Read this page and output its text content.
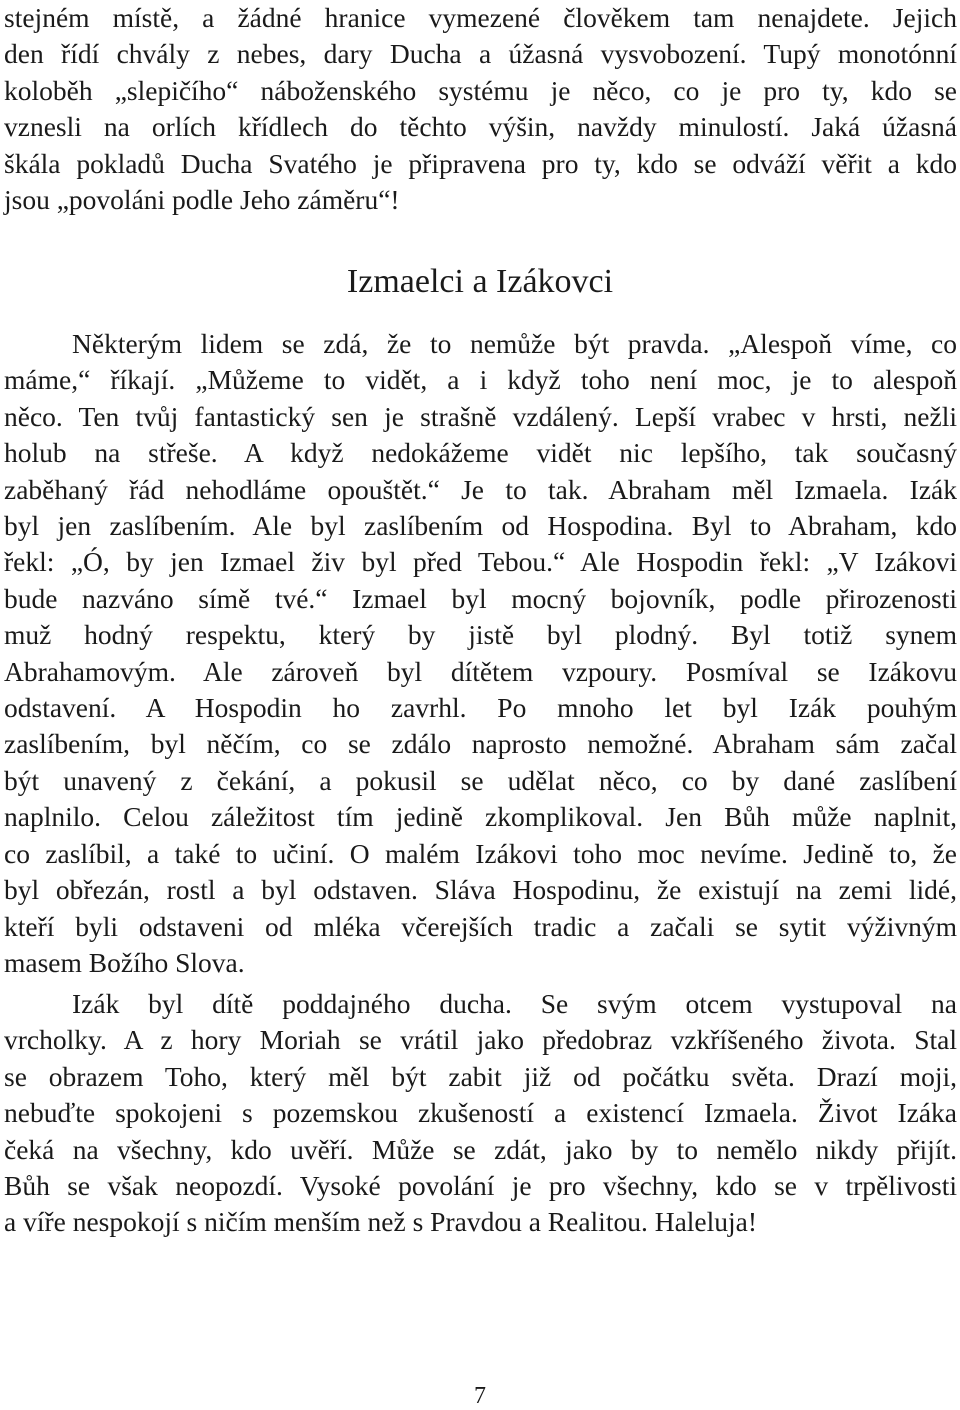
stejném místě, a žádné hranice vymezené člověkem tam nenajdete. Jejich
den řídí chvály z nebes, dary Ducha a úžasná vysvobození. Tupý monotónní
koloběh „slepičího“ náboženského systému je něco, co je pro ty, kdo se
vznesli na orlích křídlech do těchto výšin, navždy minulostí. Jaká úžasná
škála pokladů Ducha Svatého je připravena pro ty, kdo se odváží věřit a kdo
jsou „povoláni podle Jeho záměru“!
Izmaelci a Izákovci
Některým lidem se zdá, že to nemůže být pravda. „Alespoň víme, co
máme,“ říkají. „Můžeme to vidět, a i když toho není moc, je to alespoň
něco. Ten tvůj fantastický sen je strašně vzdálený. Lepší vrabec v hrsti, nežli
holub na střeše. A když nedokážeme vidět nic lepšího, tak současný
zaběhaný řád nehodláme opouštět.“ Je to tak. Abraham měl Izmaela. Izák
byl jen zaslíbením. Ale byl zaslíbením od Hospodina. Byl to Abraham, kdo
řekl: „Ó, by jen Izmael živ byl před Tebou.“ Ale Hospodin řekl: „V Izákovi
bude nazváno símě tvé.“ Izmael byl mocný bojovník, podle přirozenosti
muž hodný respektu, který by jistě byl plodný. Byl totiž synem
Abrahamovým. Ale zároveň byl dítětem vzpoury. Posmíval se Izákovu
odstavení. A Hospodin ho zavrhl. Po mnoho let byl Izák pouhým
zaslíbením, byl něčím, co se zdálo naprosto nemožné. Abraham sám začal
být unavený z čekání, a pokusil se udělat něco, co by dané zaslíbení
naplnilo. Celou záležitost tím jedině zkomplikoval. Jen Bůh může naplnit,
co zaslíbil, a také to učiní. O malém Izákovi toho moc nevíme. Jedině to, že
byl obřezán, rostl a byl odstaven. Sláva Hospodinu, že existují na zemi lidé,
kteří byli odstaveni od mléka včerejších tradic a začali se sytit výživným
masem Božího Slova.
Izák byl dítě poddajného ducha. Se svým otcem vystupoval na
vrcholky. A z hory Moriah se vrátil jako předobraz vzkříšeného života. Stal
se obrazem Toho, který měl být zabit již od počátku světa. Drazí moji,
nebuďte spokojeni s pozemskou zkušeností a existencí Izmaela. Život Izáka
čeká na všechny, kdo uvěří. Může se zdát, jako by to nemělo nikdy přijít.
Bůh se však neopozdí. Vysoké povolání je pro všechny, kdo se v trpělivosti
a víře nespokojí s ničím menším než s Pravdou a Realitou. Haleluja!
7
